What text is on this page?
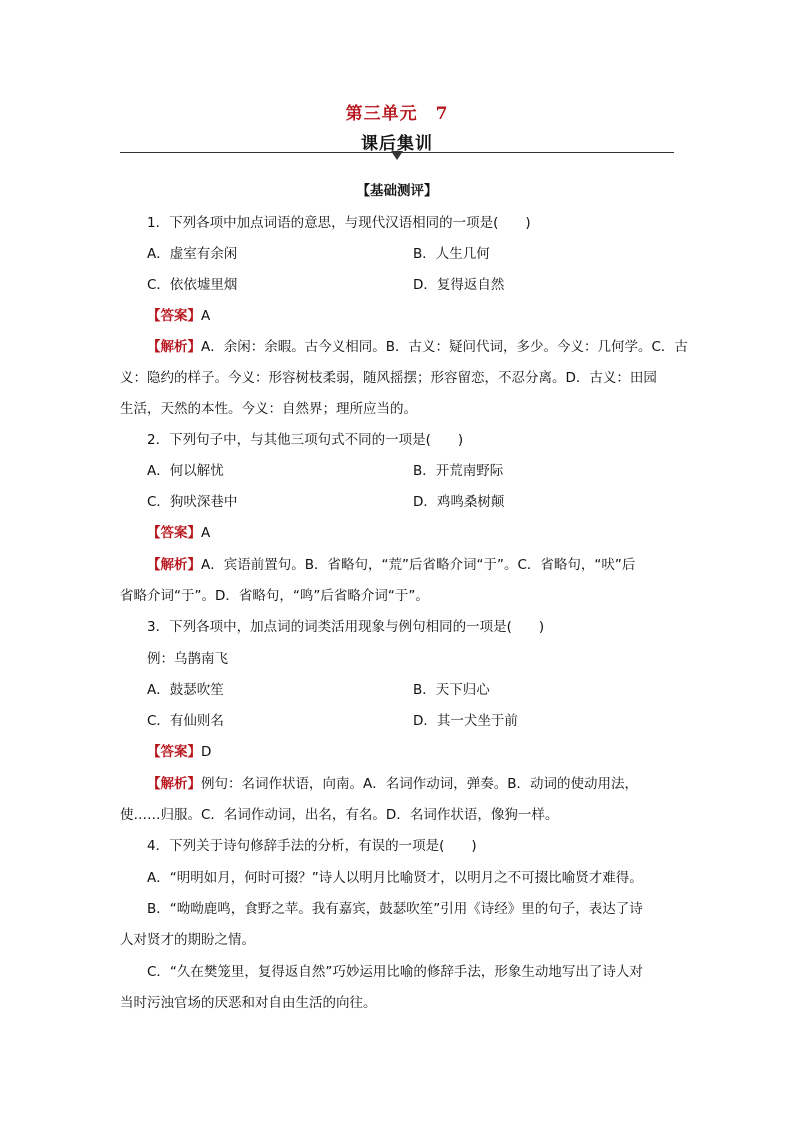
第三单元 7
课后集训
【基础测评】
1．下列各项中加点词语的意思，与现代汉语相同的一项是(　　)
A．虚室有余闲	B．人生几何
C．依依墟里烟	D．复得返自然
【答案】A
【解析】A．余闲：余暇。古今义相同。B．古义：疑问代词，多少。今义：几何学。C．古
义：隐约的样子。今义：形容树枝柔弱，随风摇摆；形容留恋，不忍分离。D．古义：田园
生活，天然的本性。今义：自然界；理所应当的。
2．下列句子中，与其他三项句式不同的一项是(　　)
A．何以解忧	B．开荒南野际
C．狗吠深巷中	D．鸡鸣桑树颠
【答案】A
【解析】A．宾语前置句。B．省略句，“荒”后省略介词“于”。C．省略句，“吠”后
省略介词“于”。D．省略句，“鸣”后省略介词“于”。
3．下列各项中，加点词的词类活用现象与例句相同的一项是(　　)
例：乌鹊南飞
A．鼓瑟吹笙	B．天下归心
C．有仙则名	D．其一犬坐于前
【答案】D
【解析】例句：名词作状语，向南。A．名词作动词，弹奏。B．动词的使动用法，
使……归服。C．名词作动词，出名，有名。D．名词作状语，像狗一样。
4．下列关于诗句修辞手法的分析，有误的一项是(　　)
A．“明明如月，何时可掇？”诗人以明月比喻贤才，以明月之不可掇比喻贤才难得。
B．“呦呦鹿鸣，食野之苹。我有嘉宾，鼓瑟吹笙”引用《诗经》里的句子，表达了诗
人对贤才的期盼之情。
C．“久在樊笼里，复得返自然”巧妙运用比喻的修辞手法，形象生动地写出了诗人对
当时污浊官场的厌恶和对自由生活的向往。
